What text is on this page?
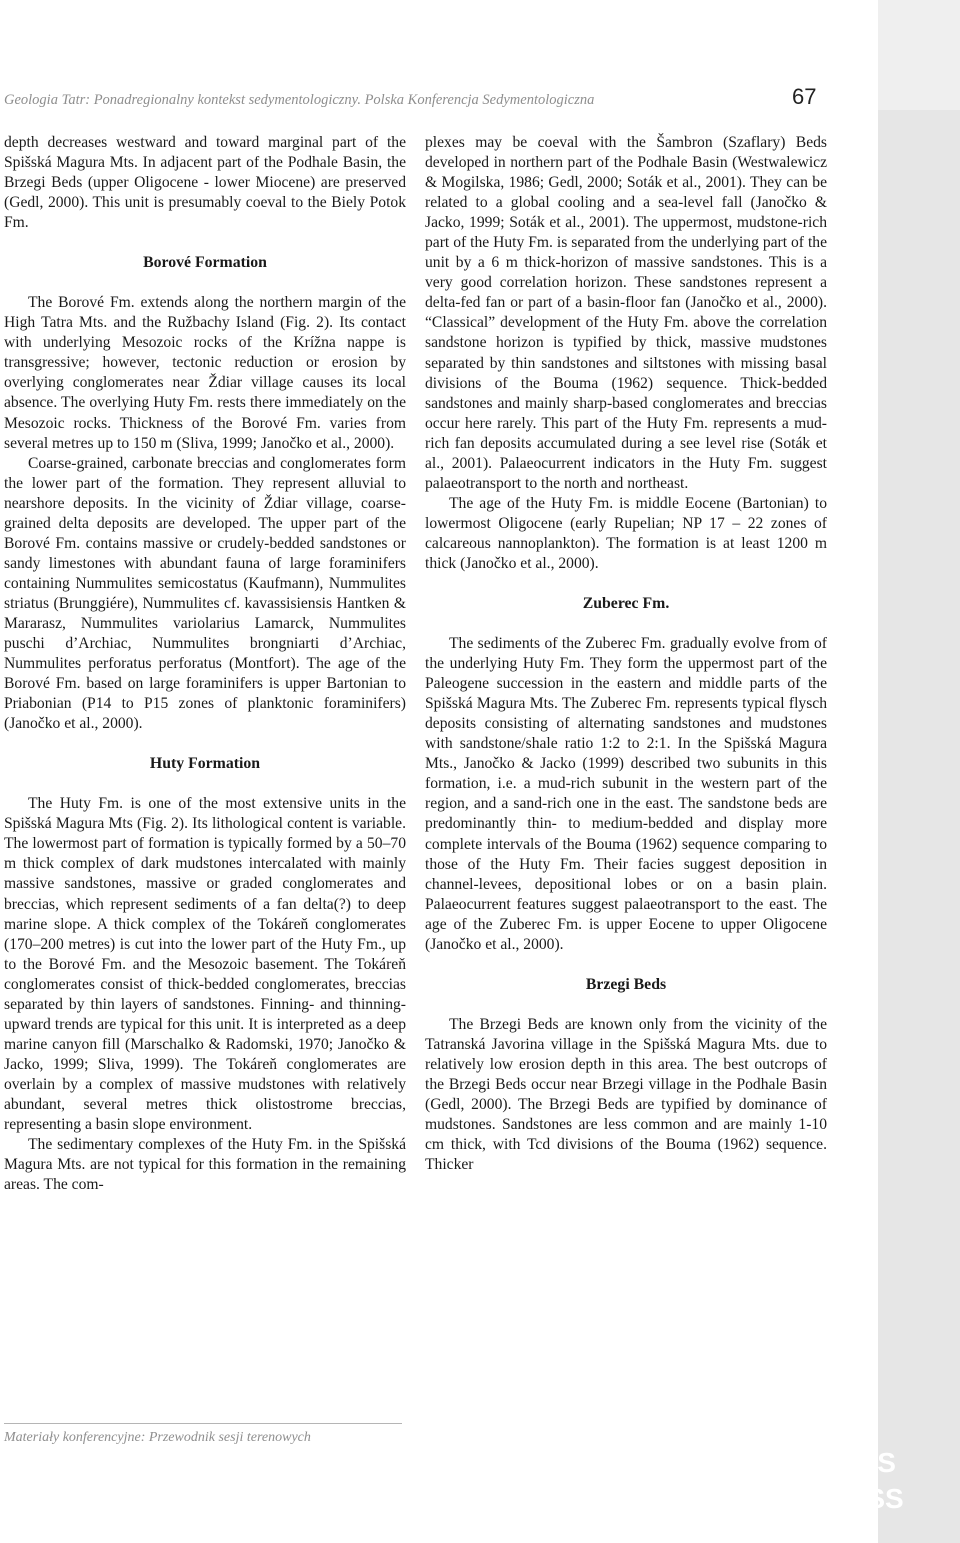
Geologia Tatr: Ponadregionalny kontekst sedymentologiczny. Polska Konferencja Sedymentologiczna	67

depth decreases westward and toward marginal part of the Spišská Magura Mts. In adjacent part of the Podhale Basin, the Brzegi Beds (upper Oligocene - lower Miocene) are preserved (Gedl, 2000). This unit is presumably coeval to the Biely Potok Fm.

Borové Formation

The Borové Fm. extends along the northern margin of the High Tatra Mts. and the Ružbachy Island (Fig. 2). Its contact with underlying Mesozoic rocks of the Krížna nappe is transgressive; however, tectonic reduction or erosion by overlying conglomerates near Ždiar village causes its local absence. The overlying Huty Fm. rests there immediately on the Mesozoic rocks. Thickness of the Borové Fm. varies from several metres up to 150 m (Sliva, 1999; Janočko et al., 2000).

Coarse-grained, carbonate breccias and conglomerates form the lower part of the formation. They represent alluvial to nearshore deposits. In the vicinity of Ždiar village, coarse-grained delta deposits are developed. The upper part of the Borové Fm. contains massive or crudely-bedded sandstones or sandy limestones with abundant fauna of large foraminifers containing Nummulites semicostatus (Kaufmann), Nummulites striatus (Brunggiére), Nummulites cf. kavassisiensis Hantken & Mararasz, Nummulites variolarius Lamarck, Nummulites puschi d’Archiac, Nummulites brongniarti d’Archiac, Nummulites perforatus perforatus (Montfort). The age of the Borové Fm. based on large foraminifers is upper Bartonian to Priabonian (P14 to P15 zones of planktonic foraminifers) (Janočko et al., 2000).

Huty Formation

The Huty Fm. is one of the most extensive units in the Spišská Magura Mts (Fig. 2). Its lithological content is variable. The lowermost part of formation is typically formed by a 50–70 m thick complex of dark mudstones intercalated with mainly massive sandstones, massive or graded conglomerates and breccias, which represent sediments of a fan delta(?) to deep marine slope. A thick complex of the Tokáreň conglomerates (170–200 metres) is cut into the lower part of the Huty Fm., up to the Borové Fm. and the Mesozoic basement. The Tokáreň conglomerates consist of thick-bedded conglomerates, breccias separated by thin layers of sandstones. Finning- and thinning-upward trends are typical for this unit. It is interpreted as a deep marine canyon fill (Marschalko & Radomski, 1970; Janočko & Jacko, 1999; Sliva, 1999). The Tokáreň conglomerates are overlain by a complex of massive mudstones with relatively abundant, several metres thick olistostrome breccias, representing a basin slope environment.

The sedimentary complexes of the Huty Fm. in the Spišská Magura Mts. are not typical for this formation in the remaining areas. The com-

plexes may be coeval with the Šambron (Szaflary) Beds developed in northern part of the Podhale Basin (Westwalewicz & Mogilska, 1986; Gedl, 2000; Soták et al., 2001). They can be related to a global cooling and a sea-level fall (Janočko & Jacko, 1999; Soták et al., 2001). The uppermost, mudstone-rich part of the Huty Fm. is separated from the underlying part of the unit by a 6 m thick-horizon of massive sandstones. This is a very good correlation horizon. These sandstones represent a delta-fed fan or part of a basin-floor fan (Janočko et al., 2000). “Classical” development of the Huty Fm. above the correlation sandstone horizon is typified by thick, massive mudstones separated by thin sandstones and siltstones with missing basal divisions of the Bouma (1962) sequence. Thick-bedded sandstones and mainly sharp-based conglomerates and breccias occur here rarely. This part of the Huty Fm. represents a mud-rich fan deposits accumulated during a see level rise (Soták et al., 2001). Palaeocurrent indicators in the Huty Fm. suggest palaeotransport to the north and northeast.

The age of the Huty Fm. is middle Eocene (Bartonian) to lowermost Oligocene (early Rupelian; NP 17 – 22 zones of calcareous nannoplankton). The formation is at least 1200 m thick (Janočko et al., 2000).

Zuberec Fm.

The sediments of the Zuberec Fm. gradually evolve from of the underlying Huty Fm. They form the uppermost part of the Paleogene succession in the eastern and middle parts of the Spišská Magura Mts. The Zuberec Fm. represents typical flysch deposits consisting of alternating sandstones and mudstones with sandstone/shale ratio 1:2 to 2:1. In the Spišská Magura Mts., Janočko & Jacko (1999) described two subunits in this formation, i.e. a mud-rich subunit in the western part of the region, and a sand-rich one in the east. The sandstone beds are predominantly thin- to medium-bedded and display more complete intervals of the Bouma (1962) sequence comparing to those of the Huty Fm. Their facies suggest deposition in channel-levees, depositional lobes or on a basin plain. Palaeocurrent features suggest palaeotransport to the east. The age of the Zuberec Fm. is upper Eocene to upper Oligocene (Janočko et al., 2000).

Brzegi Beds

The Brzegi Beds are known only from the vicinity of the Tatranská Javorina village in the Spišská Magura Mts. due to relatively low erosion depth in this area. The best outcrops of the Brzegi Beds occur near Brzegi village in the Podhale Basin (Gedl, 2000). The Brzegi Beds are typified by dominance of mudstones. Sandstones are less common and are mainly 1-10 cm thick, with Tcd divisions of the Bouma (1962) sequence. Thicker

Materiały konferencyjne: Przewodnik sesji terenowych
PoKoS
VIII KSS
